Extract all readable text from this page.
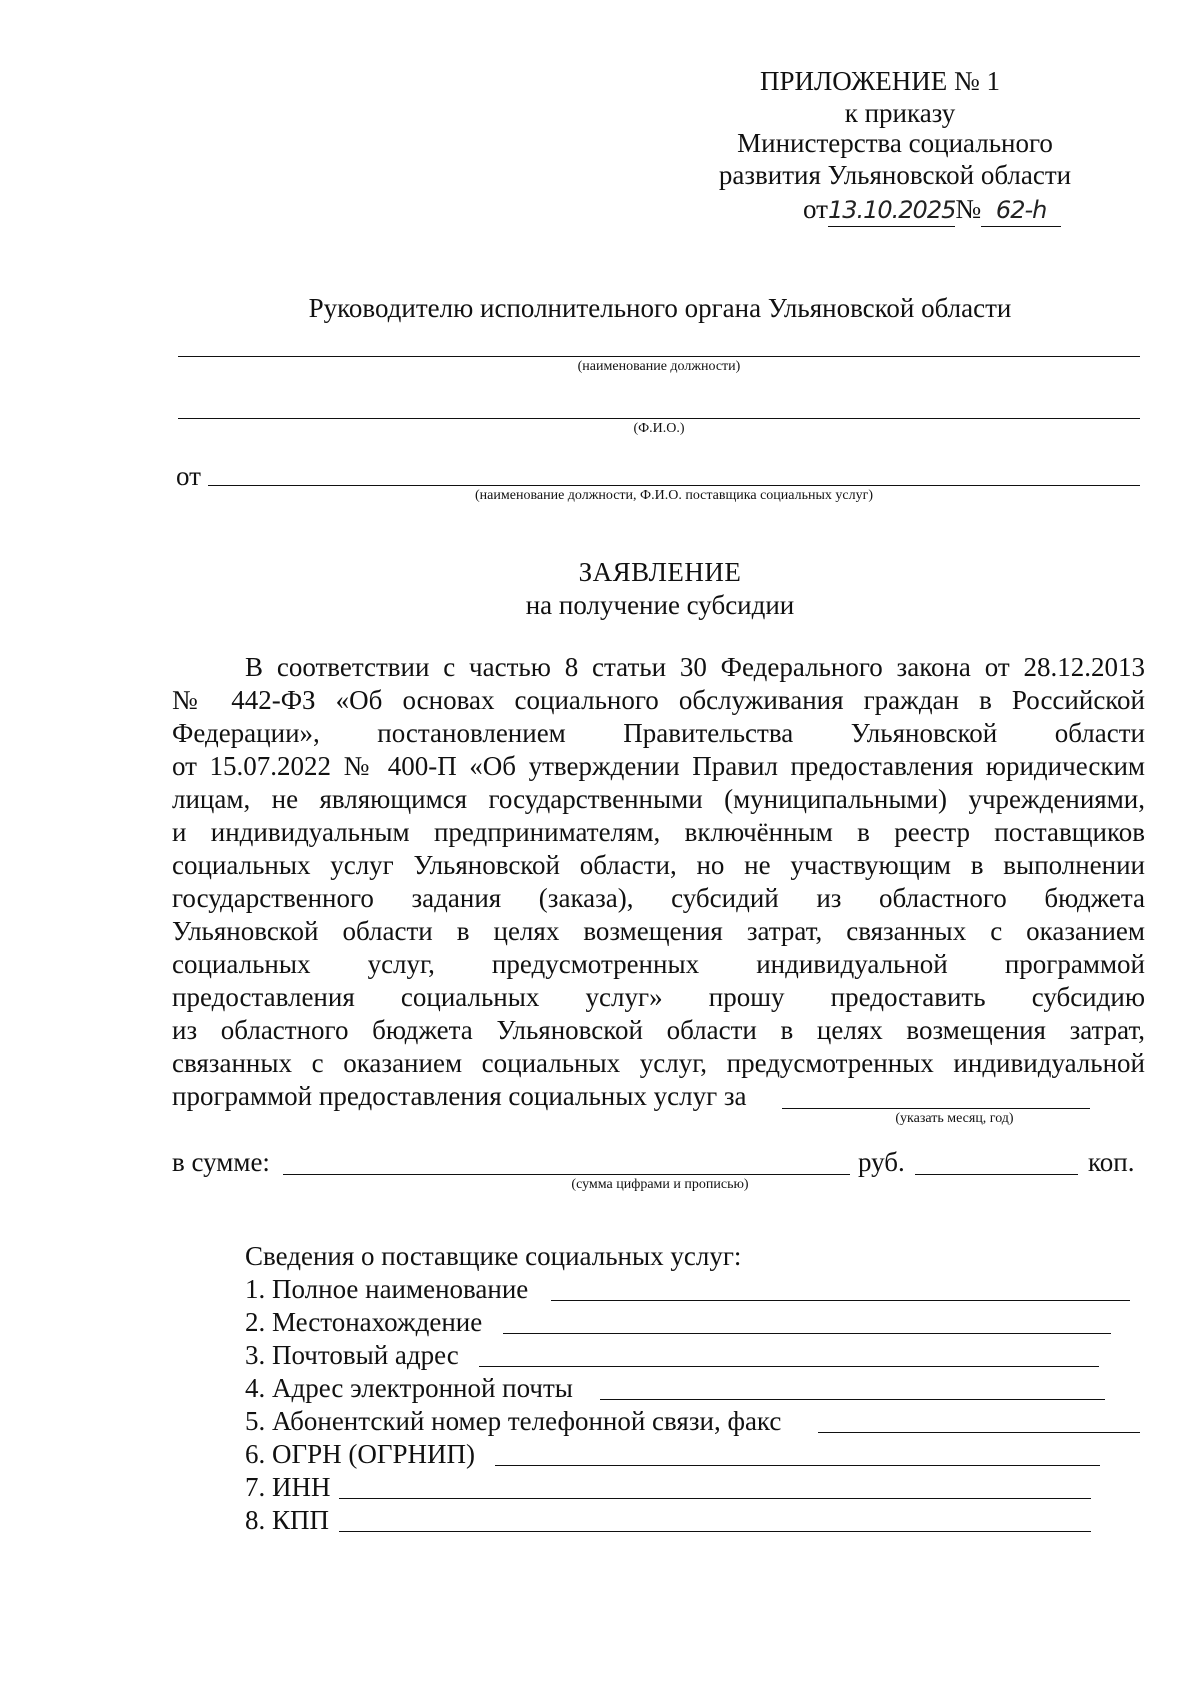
ПРИЛОЖЕНИЕ № 1
к приказу
Министерства социального
развития Ульяновской области
от13.10.2025№ 62-h
Руководителю исполнительного органа Ульяновской области
(наименование должности)
(Ф.И.О.)
от
(наименование должности, Ф.И.О. поставщика социальных услуг)
ЗАЯВЛЕНИЕ
на получение субсидии
В соответствии с частью 8 статьи 30 Федерального закона от 28.12.2013
№ 442-ФЗ «Об основах социального обслуживания граждан в Российской
Федерации», постановлением Правительства Ульяновской области
от 15.07.2022 № 400-П «Об утверждении Правил предоставления юридическим
лицам, не являющимся государственными (муниципальными) учреждениями,
и индивидуальным предпринимателям, включённым в реестр поставщиков
социальных услуг Ульяновской области, но не участвующим в выполнении
государственного задания (заказа), субсидий из областного бюджета
Ульяновской области в целях возмещения затрат, связанных с оказанием
социальных услуг, предусмотренных индивидуальной программой
предоставления социальных услуг» прошу предоставить субсидию
из областного бюджета Ульяновской области в целях возмещения затрат,
связанных с оказанием социальных услуг, предусмотренных индивидуальной
программой предоставления социальных услуг за
(указать месяц, год)
в сумме:
(сумма цифрами и прописью)
руб.	коп.
Сведения о поставщике социальных услуг:
1. Полное наименование
2. Местонахождение
3. Почтовый адрес
4. Адрес электронной почты
5. Абонентский номер телефонной связи, факс
6. ОГРН (ОГРНИП)
7. ИНН
8. КПП
